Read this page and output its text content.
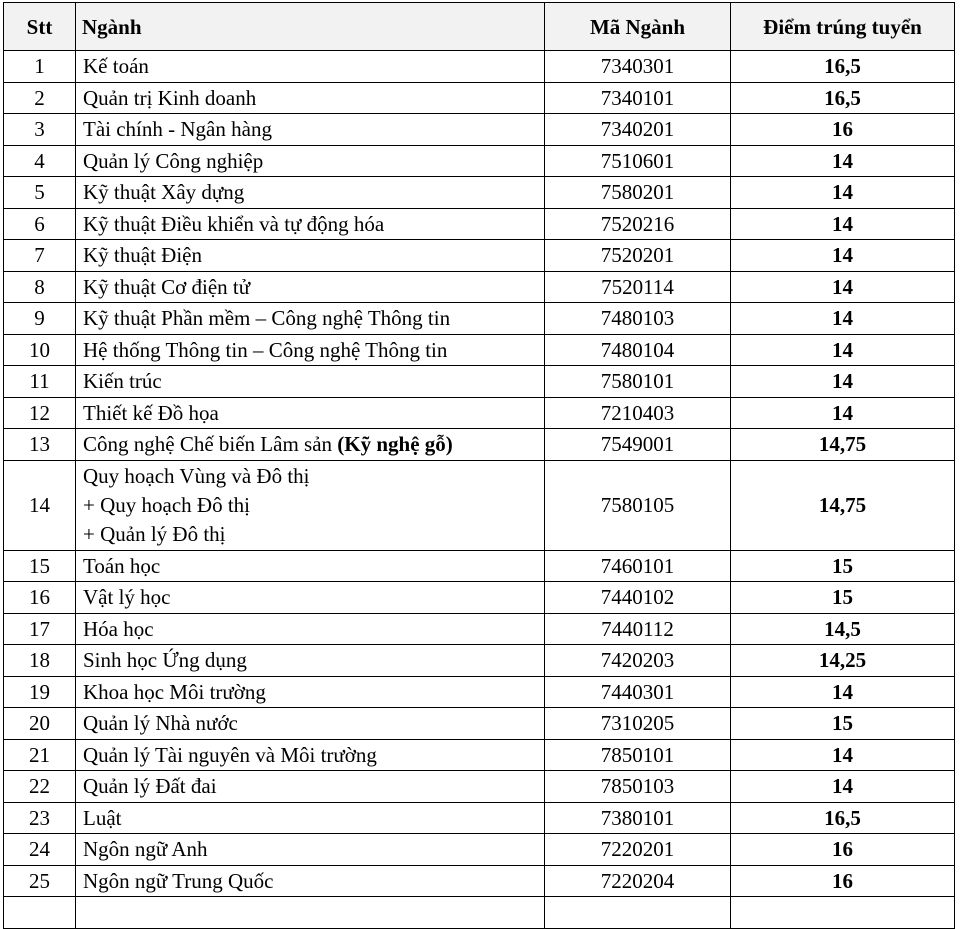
Stt	Ngành	Mã Ngành	Điểm trúng tuyển
1	Kế toán	7340301	16,5
2	Quản trị Kinh doanh	7340101	16,5
3	Tài chính - Ngân hàng	7340201	16
4	Quản lý Công nghiệp	7510601	14
5	Kỹ thuật Xây dựng	7580201	14
6	Kỹ thuật Điều khiển và tự động hóa	7520216	14
7	Kỹ thuật Điện	7520201	14
8	Kỹ thuật Cơ điện tử	7520114	14
9	Kỹ thuật Phần mềm – Công nghệ Thông tin	7480103	14
10	Hệ thống Thông tin – Công nghệ Thông tin	7480104	14
11	Kiến trúc	7580101	14
12	Thiết kế Đồ họa	7210403	14
13	Công nghệ Chế biến Lâm sản (Kỹ nghệ gỗ)	7549001	14,75
14	Quy hoạch Vùng và Đô thị
+ Quy hoạch Đô thị
+ Quản lý Đô thị	7580105	14,75
15	Toán học	7460101	15
16	Vật lý học	7440102	15
17	Hóa học	7440112	14,5
18	Sinh học Ứng dụng	7420203	14,25
19	Khoa học Môi trường	7440301	14
20	Quản lý Nhà nước	7310205	15
21	Quản lý Tài nguyên và Môi trường	7850101	14
22	Quản lý Đất đai	7850103	14
23	Luật	7380101	16,5
24	Ngôn ngữ Anh	7220201	16
25	Ngôn ngữ Trung Quốc	7220204	16
